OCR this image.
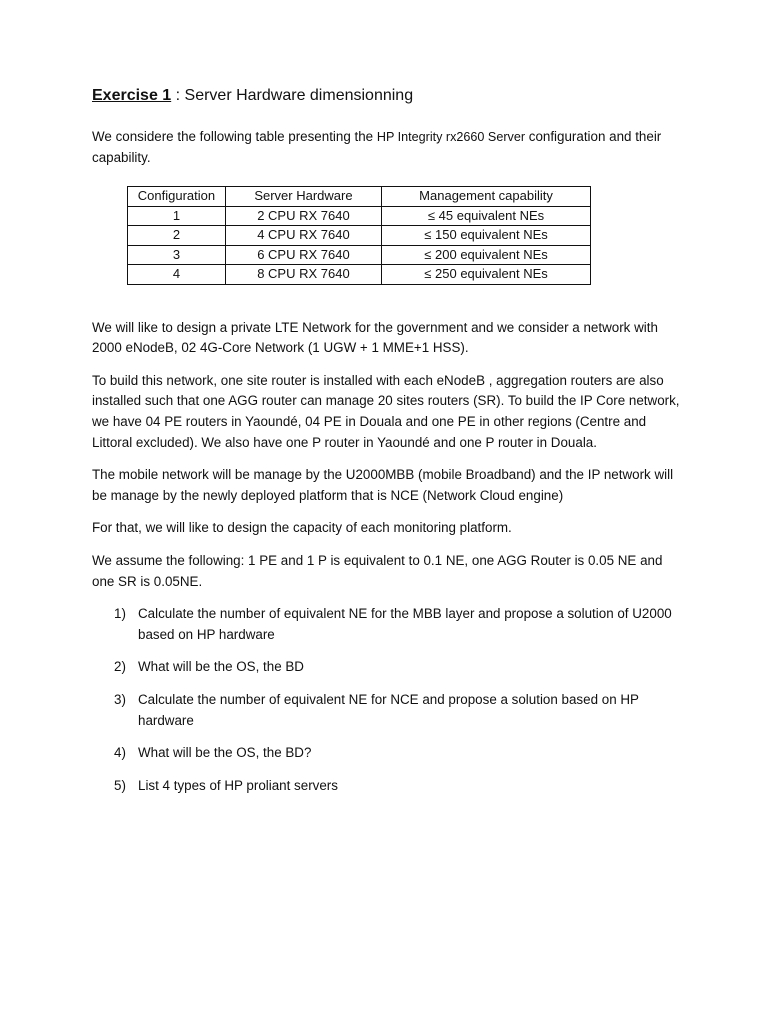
Exercise 1 : Server Hardware dimensionning

We considere the following table presenting the HP Integrity rx2660 Server configuration and their capability.

Configuration	Server Hardware	Management capability
1	2 CPU RX 7640	≤ 45 equivalent NEs
2	4 CPU RX 7640	≤ 150 equivalent NEs
3	6 CPU RX 7640	≤ 200 equivalent NEs
4	8 CPU RX 7640	≤ 250 equivalent NEs

We will like to design a private LTE Network for the government and we consider a network with 2000 eNodeB, 02 4G-Core Network (1 UGW + 1 MME+1 HSS).

To build this network, one site router is installed with each eNodeB , aggregation routers are also installed such that one AGG router can manage 20 sites routers (SR). To build the IP Core network, we have 04 PE routers in Yaoundé, 04 PE in Douala and one PE in other regions (Centre and Littoral excluded). We also have one P router in Yaoundé and one P router in Douala.

The mobile network will be manage by the U2000MBB (mobile Broadband) and the IP network will be manage by the newly deployed platform that is NCE (Network Cloud engine)

For that, we will like to design the capacity of each monitoring platform.

We assume the following: 1 PE and 1 P is equivalent to 0.1 NE, one AGG Router is 0.05 NE and one SR is 0.05NE.

1) Calculate the number of equivalent NE for the MBB layer and propose a solution of U2000 based on HP hardware
2) What will be the OS, the BD
3) Calculate the number of equivalent NE for NCE and propose a solution based on HP hardware
4) What will be the OS, the BD?
5) List 4 types of HP proliant servers
